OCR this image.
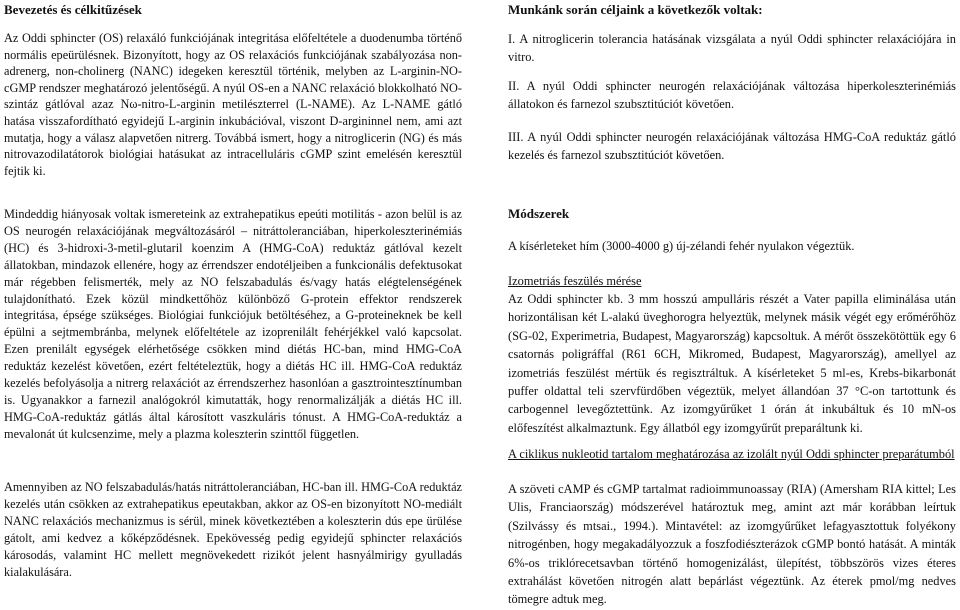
Bevezetés és célkitűzések

Az Oddi sphincter (OS) relaxáló funkciójának integritása előfeltétele a duodenumba történő normális epeürülésnek. Bizonyított, hogy az OS relaxációs funkciójának szabályozása non-adrenerg, non-cholinerg (NANC) idegeken keresztül történik, melyben az L-arginin-NO-cGMP rendszer meghatározó jelentőségű. A nyúl OS-en a NANC relaxáció blokkolható NO-szintáz gátlóval azaz Nω-nitro-L-arginin metilészterrel (L-NAME). Az L-NAME gátló hatása visszafordítható egyidejű L-arginin inkubációval, viszont D-argininnel nem, ami azt mutatja, hogy a válasz alapvetően nitrerg. Továbbá ismert, hogy a nitroglicerin (NG) és más nitrovazodilatátorok biológiai hatásukat az intracelluláris cGMP szint emelésén keresztül fejtik ki.

Mindeddig hiányosak voltak ismereteink az extrahepatikus epeúti motilitás - azon belül is az OS neurogén relaxációjának megváltozásáról – nitráttoleranciában, hiperkoleszterinémiás (HC) és 3-hidroxi-3-metil-glutaril koenzim A (HMG-CoA) reduktáz gátlóval kezelt állatokban, mindazok ellenére, hogy az érrendszer endotéljeiben a funkcionális defektusokat már régebben felismerték, mely az NO felszabadulás és/vagy hatás elégtelenségének tulajdonítható. Ezek közül mindkettőhöz különböző G-protein effektor rendszerek integritása, épsége szükséges. Biológiai funkciójuk betöltéséhez, a G-proteineknek be kell épülni a sejtmembránba, melynek előfeltétele az izoprenilált fehérjékkel való kapcsolat. Ezen prenilált egységek elérhetősége csökken mind diétás HC-ban, mind HMG-CoA reduktáz kezelést követően, ezért feltételeztük, hogy a diétás HC ill. HMG-CoA reduktáz kezelés befolyásolja a nitrerg relaxációt az érrendszerhez hasonlóan a gasztrointesztínumban is. Ugyanakkor a farnezil analógokról kimutatták, hogy renormalizálják a diétás HC ill. HMG-CoA-reduktáz gátlás által károsított vaszkuláris tónust. A HMG-CoA-reduktáz a mevalonát út kulcsenzime, mely a plazma koleszterin szinttől független.

Amennyiben az NO felszabadulás/hatás nitráttoleranciában, HC-ban ill. HMG-CoA reduktáz kezelés után csökken az extrahepatikus epeutakban, akkor az OS-en bizonyított NO-mediált NANC relaxációs mechanizmus is sérül, minek következtében a koleszterin dús epe ürülése gátolt, ami kedvez a kőképződésnek. Epekövesség pedig egyidejű sphincter relaxációs károsodás, valamint HC mellett megnövekedett rizikót jelent hasnyálmirigy gyulladás kialakulására.

Munkánk során céljaink a következők voltak:

I. A nitroglicerin tolerancia hatásának vizsgálata a nyúl Oddi sphincter relaxációjára in vitro.

II. A nyúl Oddi sphincter neurogén relaxációjának változása hiperkoleszterinémiás állatokon és farnezol szubsztitúciót követően.

III. A nyúl Oddi sphincter neurogén relaxációjának változása HMG-CoA reduktáz gátló kezelés és farnezol szubsztitúciót követően.

Módszerek

A kísérleteket hím (3000-4000 g) új-zélandi fehér nyulakon végeztük.

Izometriás feszülés mérése

Az Oddi sphincter kb. 3 mm hosszú ampulláris részét a Vater papilla eliminálása után horizontálisan két L-alakú üveghorogra helyeztük, melynek másik végét egy erőmérőhöz (SG-02, Experimetria, Budapest, Magyarország) kapcsoltuk. A mérőt összekötöttük egy 6 csatornás poligráffal (R61 6CH, Mikromed, Budapest, Magyarország), amellyel az izometriás feszülést mértük és regisztráltuk. A kísérleteket 5 ml-es, Krebs-bikarbonát puffer oldattal teli szervfürdőben végeztük, melyet állandóan 37 °C-on tartottunk és carbogennel levegőztettünk. Az izomgyűrűket 1 órán át inkubáltuk és 10 mN-os előfeszítést alkalmaztunk. Egy állatból egy izomgyűrűt preparáltunk ki.

A ciklikus nukleotid tartalom meghatározása az izolált nyúl Oddi sphincter preparátumból

A szöveti cAMP és cGMP tartalmat radioimmunoassay (RIA) (Amersham RIA kittel; Les Ulis, Franciaország) módszerével határoztuk meg, amint azt már korábban leírtuk (Szilvássy és mtsai., 1994.). Mintavétel: az izomgyűrűket lefagyasztottuk folyékony nitrogénben, hogy megakadályozzuk a foszfodiészterázok cGMP bontó hatását. A minták 6%-os triklórecetsavban történő homogenizálást, ülepítést, többszörös vizes éteres extrahálást követően nitrogén alatt bepárlást végeztünk. Az éterek pmol/mg nedves tömegre adtuk meg.
